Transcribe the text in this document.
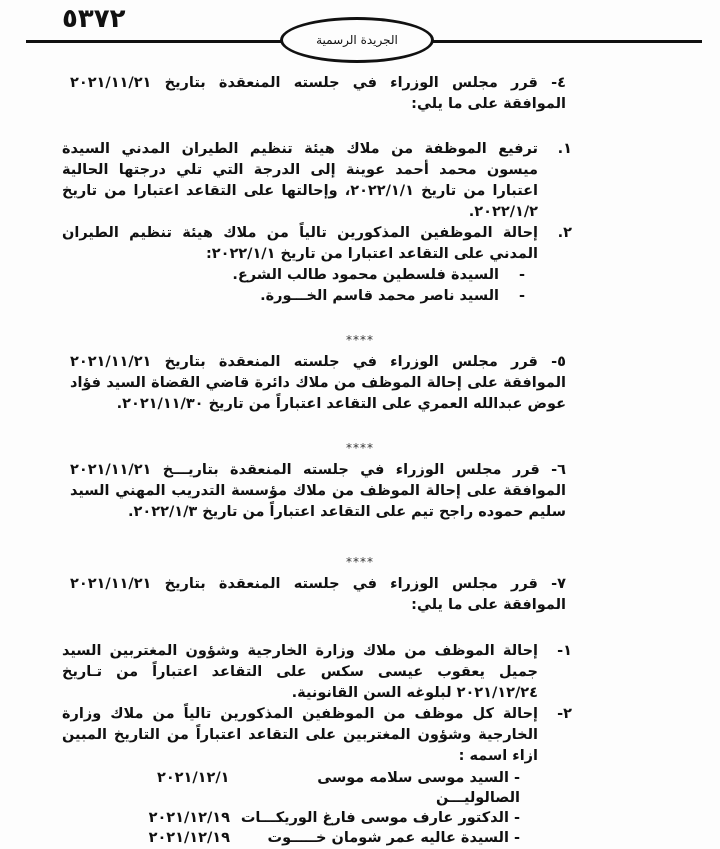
٥٣٧٢
الجريدة الرسمية

٤- قرر مجلس الوزراء في جلسته المنعقدة بتاريخ ٢٠٢١/١١/٢١ الموافقة على ما يلي:

١.
ترفيع الموظفة من ملاك هيئة تنظيم الطيران المدني السيدة ميسون محمد أحمد عوينة إلى الدرجة التي تلي درجتها الحالية اعتبارا من تاريخ ٢٠٢٢/١/١، وإحالتها على التقاعد اعتبارا من تاريخ ٢٠٢٢/١/٢.
٢.
إحالة الموظفين المذكورين تالياً من ملاك هيئة تنظيم الطيران المدني على التقاعد اعتبارا من تاريخ ٢٠٢٢/١/١:
-
السيدة فلسطين محمود طالب الشرع.
-
السيد ناصر محمد قاسم الخـــورة.
****

٥- قرر مجلس الوزراء في جلسته المنعقدة بتاريخ ٢٠٢١/١١/٢١ الموافقة على إحالة الموظف من ملاك دائرة قاضي القضاة السيد فؤاد عوض عبدالله العمري على التقاعد اعتباراً من تاريخ ٢٠٢١/١١/٣٠.

****

٦- قرر مجلس الوزراء في جلسته المنعقدة بتاريـــخ ٢٠٢١/١١/٢١ الموافقة على إحالة الموظف من ملاك مؤسسة التدريب المهني السيد سليم حموده راجح تيم على التقاعد اعتباراً من تاريخ ٢٠٢٢/١/٣.

****

٧- قرر مجلس الوزراء في جلسته المنعقدة بتاريخ ٢٠٢١/١١/٢١ الموافقة على ما يلي:

١-
إحالة الموظف من ملاك وزارة الخارجية وشؤون المغتربين السيد جميل يعقوب عيسى سكس على التقاعد اعتباراً من تـاريخ ٢٠٢١/١٢/٢٤ لبلوغه السن القانونية.
٢-
إحالة كل موظف من الموظفين المذكورين تالياً من ملاك وزارة الخارجية وشؤون المغتربين على التقاعد اعتباراً من التاريخ المبين ازاء اسمه :
- السيد موسى سلامه موسى الصالوليـــن
٢٠٢١/١٢/١
- الدكتور عارف موسى فارغ الوريكـــات
٢٠٢١/١٢/١٩
- السيدة عاليه عمر شومان خـــــوت
٢٠٢١/١٢/١٩
